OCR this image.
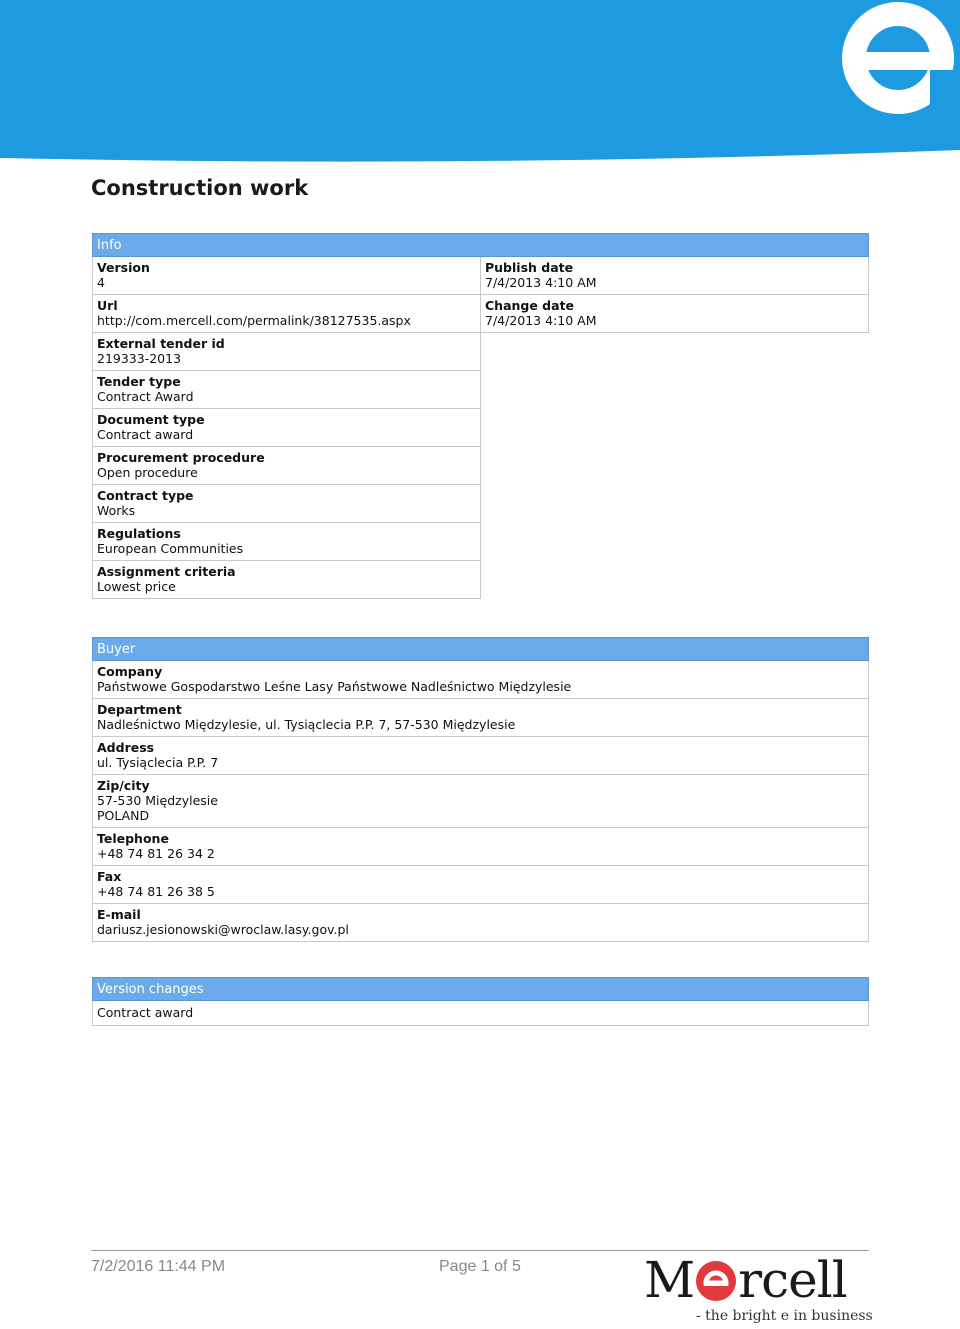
Construction work
Info
Version
4
Url
http://com.mercell.com/permalink/38127535.aspx
External tender id
219333-2013
Tender type
Contract Award
Document type
Contract award
Procurement procedure
Open procedure
Contract type
Works
Regulations
European Communities
Assignment criteria
Lowest price
Publish date
7/4/2013 4:10 AM
Change date
7/4/2013 4:10 AM
Buyer
Company
Państwowe Gospodarstwo Leśne Lasy Państwowe Nadleśnictwo Międzylesie
Department
Nadleśnictwo Międzylesie, ul. Tysiąclecia P.P. 7, 57-530 Międzylesie
Address
ul. Tysiąclecia P.P. 7
Zip/city
57-530 Międzylesie
POLAND
Telephone
+48 74 81 26 34 2
Fax
+48 74 81 26 38 5
E-mail
dariusz.jesionowski@wroclaw.lasy.gov.pl
Version changes
Contract award
7/2/2016 11:44 PM	Page 1 of 5 M rcell
- the bright e in business
